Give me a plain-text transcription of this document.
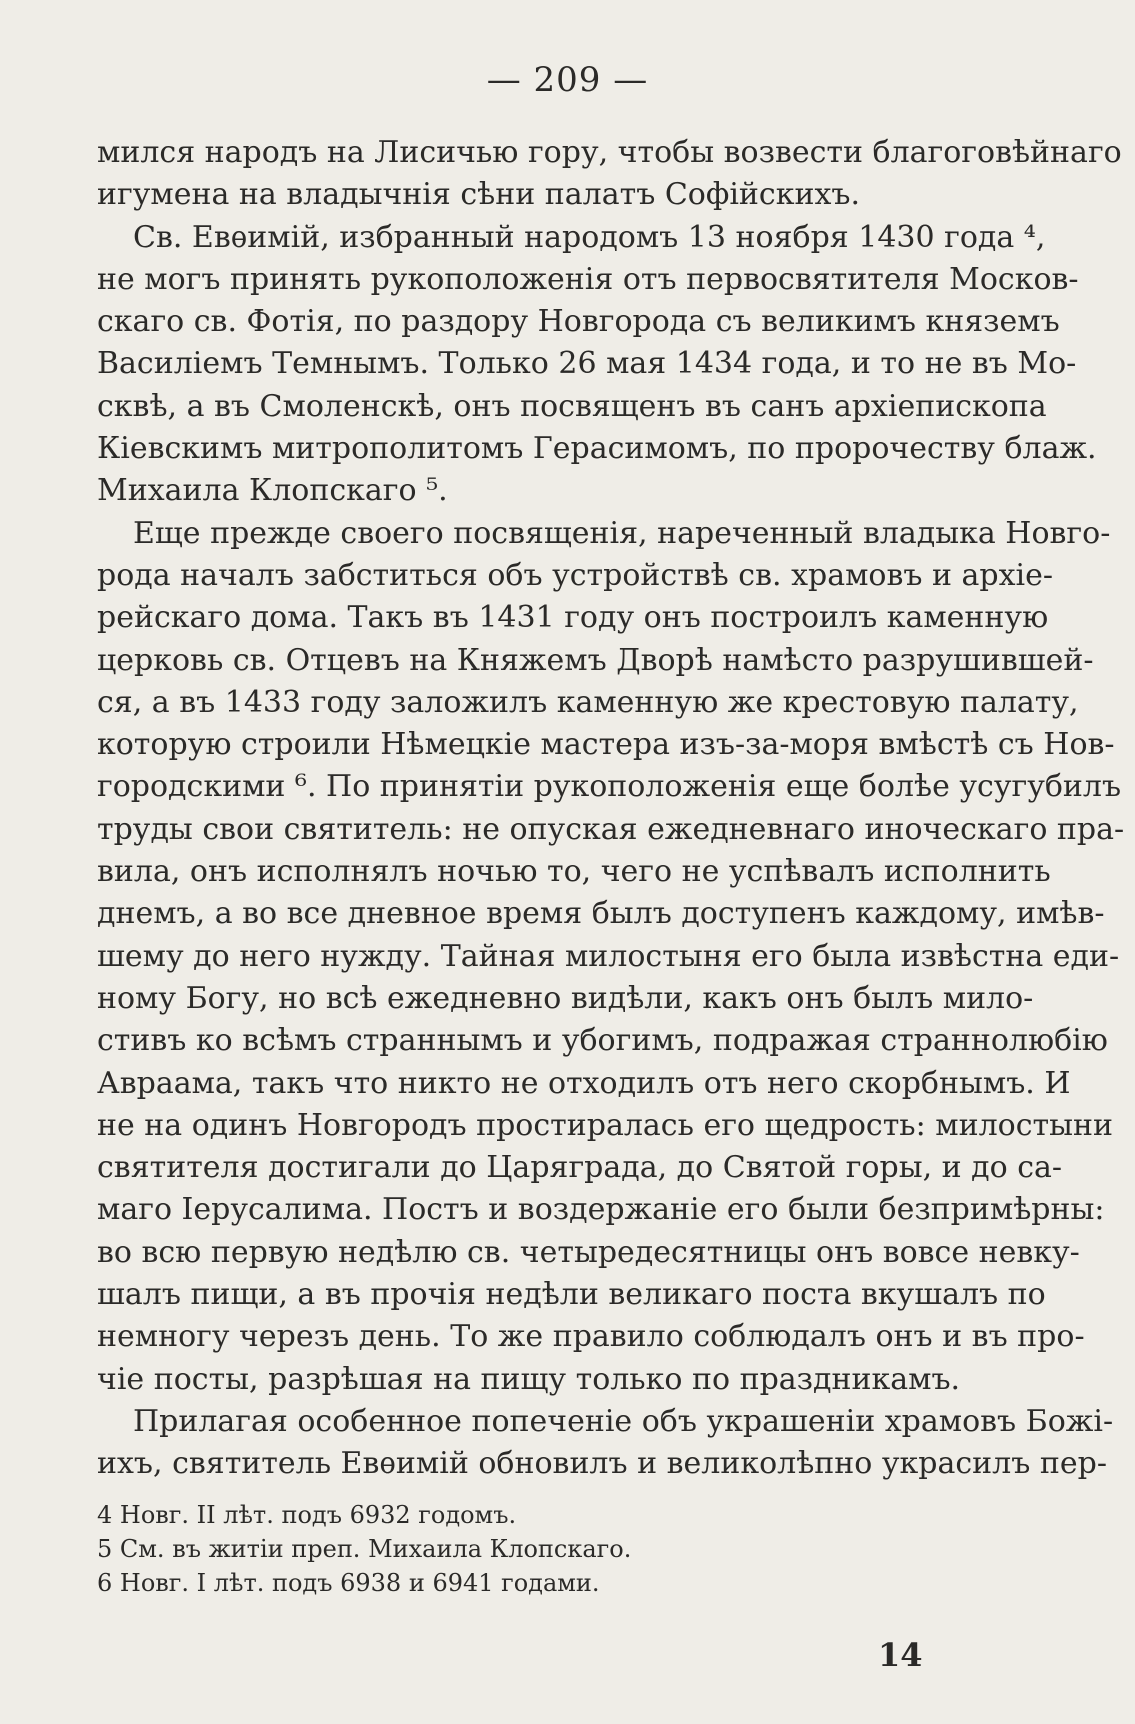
— 209 —
мился народъ на Лисичью гору, чтобы возвести благоговѣйнаго
игумена на владычнія сѣни палатъ Софійскихъ.
Св. Евѳимій, избранный народомъ 13 ноября 1430 года ⁴,
не могъ принять рукоположенія отъ первосвятителя Москов-
скаго св. Фотія, по раздору Новгорода съ великимъ княземъ
Василіемъ Темнымъ. Только 26 мая 1434 года, и то не въ Мо-
сквѣ, а въ Смоленскѣ, онъ посвященъ въ санъ архіепископа
Кіевскимъ митрополитомъ Герасимомъ, по пророчеству блаж.
Михаила Клопскаго ⁵.
Еще прежде своего посвященія, нареченный владыка Новго-
рода началъ забститься объ устройствѣ св. храмовъ и архіе-
рейскаго дома. Такъ въ 1431 году онъ построилъ каменную
церковь св. Отцевъ на Княжемъ Дворѣ намѣсто разрушившей-
ся, а въ 1433 году заложилъ каменную же крестовую палату,
которую строили Нѣмецкіе мастера изъ-за-моря вмѣстѣ съ Нов-
городскими ⁶. По принятіи рукоположенія еще болѣе усугубилъ
труды свои святитель: не опуская ежедневнаго иноческаго пра-
вила, онъ исполнялъ ночью то, чего не успѣвалъ исполнить
днемъ, а во все дневное время былъ доступенъ каждому, имѣв-
шему до него нужду. Тайная милостыня его была извѣстна еди-
ному Богу, но всѣ ежедневно видѣли, какъ онъ былъ мило-
стивъ ко всѣмъ страннымъ и убогимъ, подражая страннолюбію
Авраама, такъ что никто не отходилъ отъ него скорбнымъ. И
не на одинъ Новгородъ простиралась его щедрость: милостыни
святителя достигали до Царяграда, до Святой горы, и до са-
маго Іерусалима. Постъ и воздержаніе его были безпримѣрны:
во всю первую недѣлю св. четыредесятницы онъ вовсе невку-
шалъ пищи, а въ прочія недѣли великаго поста вкушалъ по
немногу черезъ день. То же правило соблюдалъ онъ и въ про-
чіе посты, разрѣшая на пищу только по праздникамъ.
Прилагая особенное попеченіе объ украшеніи храмовъ Божі-
ихъ, святитель Евѳимій обновилъ и великолѣпно украсилъ пер-
4 Новг. II лѣт. подъ 6932 годомъ.
5 См. въ житіи преп. Михаила Клопскаго.
6 Новг. I лѣт. подъ 6938 и 6941 годами.
14
